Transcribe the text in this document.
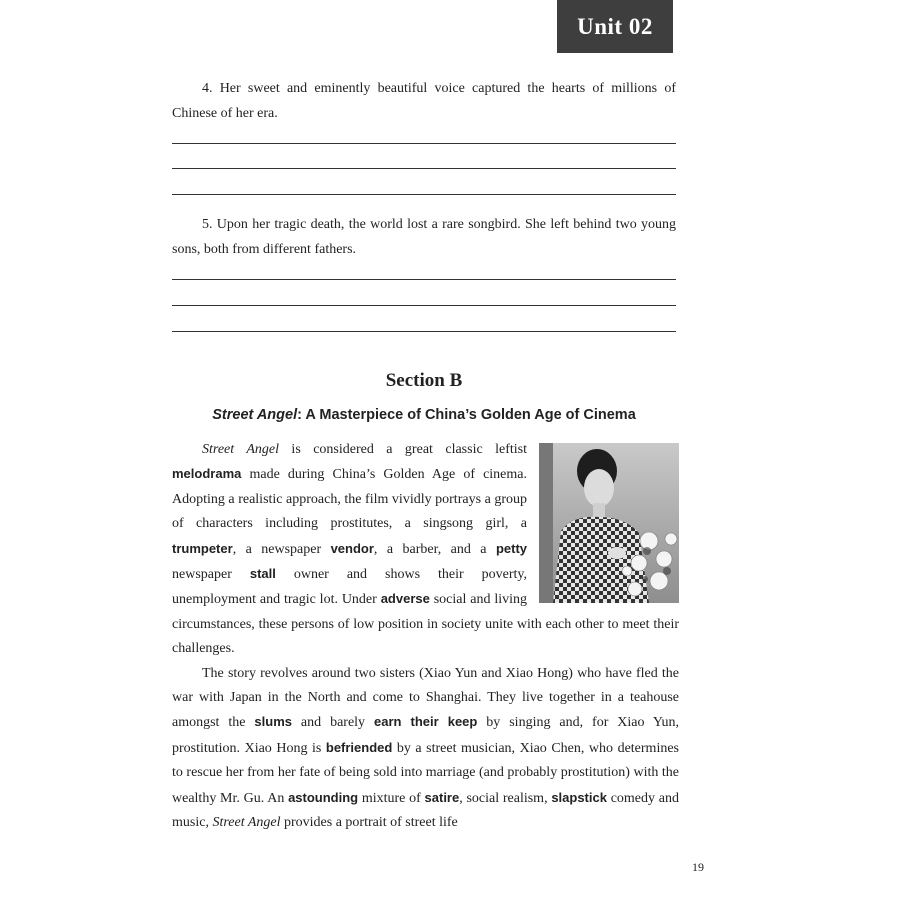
Unit 02

4. Her sweet and eminently beautiful voice captured the hearts of millions of Chinese of her era.

5. Upon her tragic death, the world lost a rare songbird. She left behind two young sons, both from different fathers.

Section B
Street Angel: A Masterpiece of China’s Golden Age of Cinema

Street Angel is considered a great classic leftist melodrama made during China’s Golden Age of cinema. Adopting a realistic approach, the film vividly portrays a group of characters including prostitutes, a singsong girl, a trumpeter, a newspaper vendor, a barber, and a petty newspaper stall owner and shows their poverty, unemployment and tragic lot. Under adverse social and living circumstances, these persons of low position in society unite with each other to meet their challenges.

The story revolves around two sisters (Xiao Yun and Xiao Hong) who have fled the war with Japan in the North and come to Shanghai. They live together in a teahouse amongst the slums and barely earn their keep by singing and, for Xiao Yun, prostitution. Xiao Hong is befriended by a street musician, Xiao Chen, who determines to rescue her from her fate of being sold into marriage (and probably prostitution) with the wealthy Mr. Gu. An astounding mixture of satire, social realism, slapstick comedy and music, Street Angel provides a portrait of street life

19
